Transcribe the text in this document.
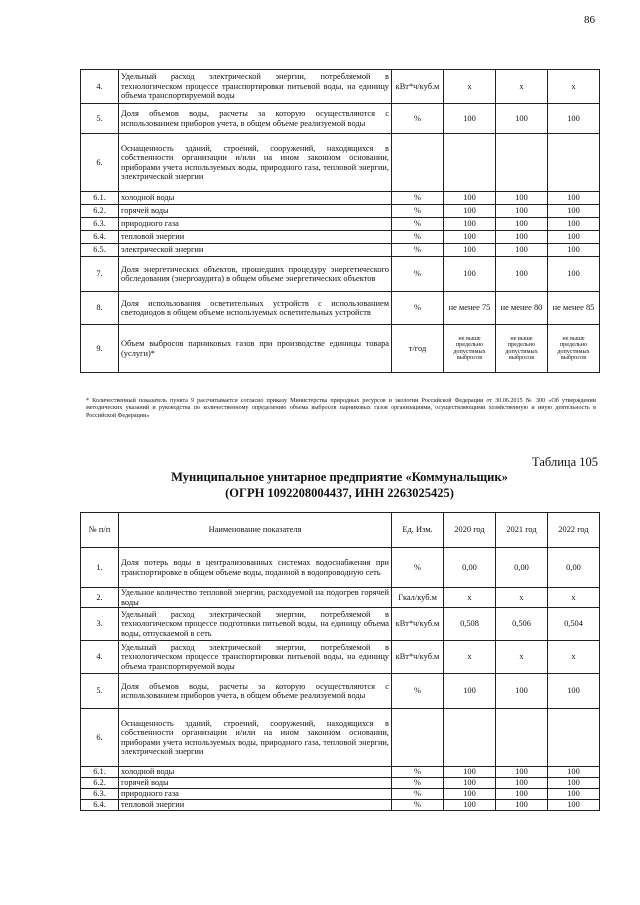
86
4.	Удельный расход электрической энергии, потребляемой в технологическом процессе транспортировки питьевой воды, на единицу объема транспортируемой воды	кВт*ч/куб.м	x	x	x
5.	Доля объемов воды, расчеты за которую осуществляются с использованием приборов учета, в общем объеме реализуемой воды	%	100	100	100
6.	Оснащенность зданий, строений, сооружений, находящихся в собственности организации и/или на ином законном основании, приборами учета используемых воды, природного газа, тепловой энергии, электрической энергии				
6.1.	холодной воды	%	100	100	100
6.2.	горячей воды	%	100	100	100
6.3.	природного газа	%	100	100	100
6.4.	тепловой энергии	%	100	100	100
6.5.	электрической энергии	%	100	100	100
7.	Доля энергетических объектов, прошедших процедуру энергетического обследования (энергоаудита) в общем объеме энергетических объектов	%	100	100	100
8.	Доля использования осветительных устройств с использованием светодиодов в общем объеме используемых осветительных устройств	%	не менее 75	не менее 80	не менее 85
9.	Объем выбросов парниковых газов при производстве единицы товара (услуги)*	т/год	не выше предельно допустимых выбросов	не выше предельно допустимых выбросов	не выше предельно допустимых выбросов
* Количественный показатель пункта 9 рассчитывается согласно приказу Министерства природных ресурсов и экологии Российской Федерации от 30.06.2015 № 300 «Об утверждении методических указаний и руководства по количественному определению объема выбросов парниковых газов организациями, осуществляющими хозяйственную и иную деятельность в Российской Федерации»
Таблица 105
Муниципальное унитарное предприятие «Коммунальщик»
(ОГРН 1092208004437, ИНН 2263025425)
№ п/п	Наименование показателя	Ед. Изм.	2020 год	2021 год	2022 год
1.	Доля потерь воды в централизованных системах водоснабжения при транспортировке в общем объеме воды, поданной в водопроводную сеть	%	0,00	0,00	0,00
2.	Удельное количество тепловой энергии, расходуемой на подогрев горячей воды	Гкал/куб.м	x	x	x
3.	Удельный расход электрической энергии, потребляемой в технологическом процессе подготовки питьевой воды, на единицу объема воды, отпускаемой в сеть	кВт*ч/куб.м	0,508	0,506	0,504
4.	Удельный расход электрической энергии, потребляемой в технологическом процессе транспортировки питьевой воды, на единицу объема транспортируемой воды	кВт*ч/куб.м	x	x	x
5.	Доля объемов воды, расчеты за которую осуществляются с использованием приборов учета, в общем объеме реализуемой воды	%	100	100	100
6.	Оснащенность зданий, строений, сооружений, находящихся в собственности организации и/или на ином законном основании, приборами учета используемых воды, природного газа, тепловой энергии, электрической энергии				
6.1.	холодной воды	%	100	100	100
6.2.	горячей воды	%	100	100	100
6.3.	природного газа	%	100	100	100
6.4.	тепловой энергии	%	100	100	100
